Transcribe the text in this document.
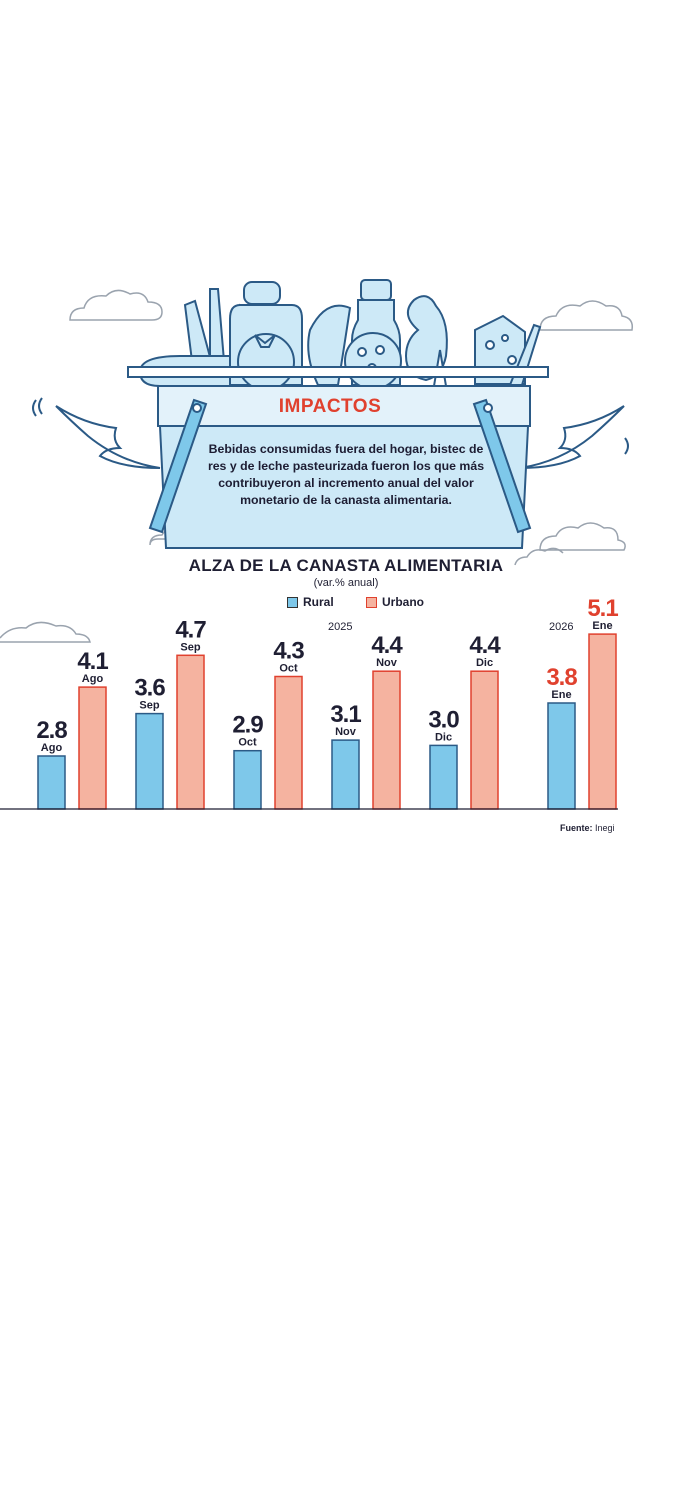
IMPACTOS
Bebidas consumidas fuera del hogar, bistec de res y de leche pasteurizada fueron los que más contribuyeron al incremento anual del valor monetario de la canasta alimentaria.
ALZA DE LA CANASTA ALIMENTARIA
(var.% anual)
Rural	Urbano
2025	2026
2.8
Ago
4.1
Ago 3.6
Sep
4.7
Sep
2.9
Oct
4.3
Oct
3.1
Nov
4.4
Nov
3.0
Dic
4.4
Dic
3.8
Ene
5.1
Ene
Fuente: Inegi
